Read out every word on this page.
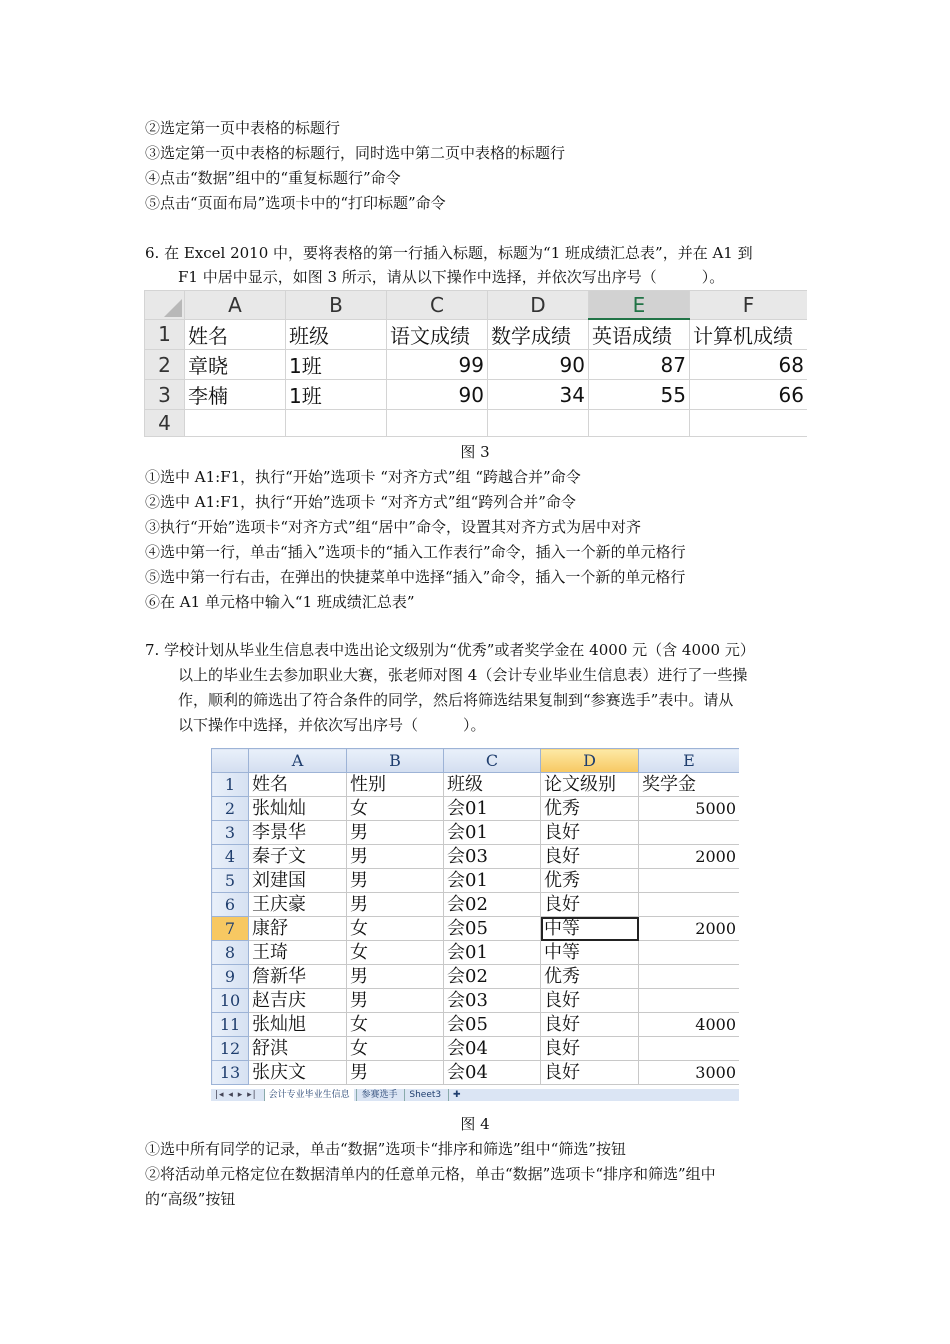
②选定第一页中表格的标题行
③选定第一页中表格的标题行，同时选中第二页中表格的标题行
④点击“数据”组中的“重复标题行”命令
⑤点击“页面布局”选项卡中的“打印标题”命令
6. 在 Excel 2010 中，要将表格的第一行插入标题，标题为“1 班成绩汇总表”，并在 A1 到
F1 中居中显示，如图 3 所示，请从以下操作中选择，并依次写出序号（　　　）。
	A	B	C	D	E	F
1	姓名	班级	语文成绩	数学成绩	英语成绩	计算机成绩
2	章晓	1班	99	90	87	68
3	李楠	1班	90	34	55	66
4						
图 3
①选中 A1:F1，执行“开始”选项卡 “对齐方式”组 “跨越合并”命令
②选中 A1:F1，执行“开始”选项卡 “对齐方式”组“跨列合并”命令
③执行“开始”选项卡“对齐方式”组“居中”命令，设置其对齐方式为居中对齐
④选中第一行，单击“插入”选项卡的“插入工作表行”命令，插入一个新的单元格行
⑤选中第一行右击，在弹出的快捷菜单中选择“插入”命令，插入一个新的单元格行
⑥在 A1 单元格中输入“1 班成绩汇总表”
7. 学校计划从毕业生信息表中选出论文级别为“优秀”或者奖学金在 4000 元（含 4000 元）
以上的毕业生去参加职业大赛，张老师对图 4（会计专业毕业生信息表）进行了一些操
作，顺利的筛选出了符合条件的同学，然后将筛选结果复制到“参赛选手”表中。请从
以下操作中选择，并依次写出序号（　　　）。
	A	B	C	D	E
1	姓名	性别	班级	论文级别	奖学金
2	张灿灿	女	会01	优秀	5000
3	李景华	男	会01	良好	
4	秦子文	男	会03	良好	2000
5	刘建国	男	会01	优秀	
6	王庆豪	男	会02	良好	
7	康舒	女	会05	中等	2000
8	王琦	女	会01	中等	
9	詹新华	男	会02	优秀	
10	赵吉庆	男	会03	良好	
11	张灿旭	女	会05	良好	4000
12	舒淇	女	会04	良好	
13	张庆文	男	会04	良好	3000
|◂ ◂ ▸ ▸| 会计专业毕业生信息 参赛选手 Sheet3 ✚
图 4
①选中所有同学的记录，单击“数据”选项卡“排序和筛选”组中“筛选”按钮
②将活动单元格定位在数据清单内的任意单元格，单击“数据”选项卡“排序和筛选”组中
的“高级”按钮
